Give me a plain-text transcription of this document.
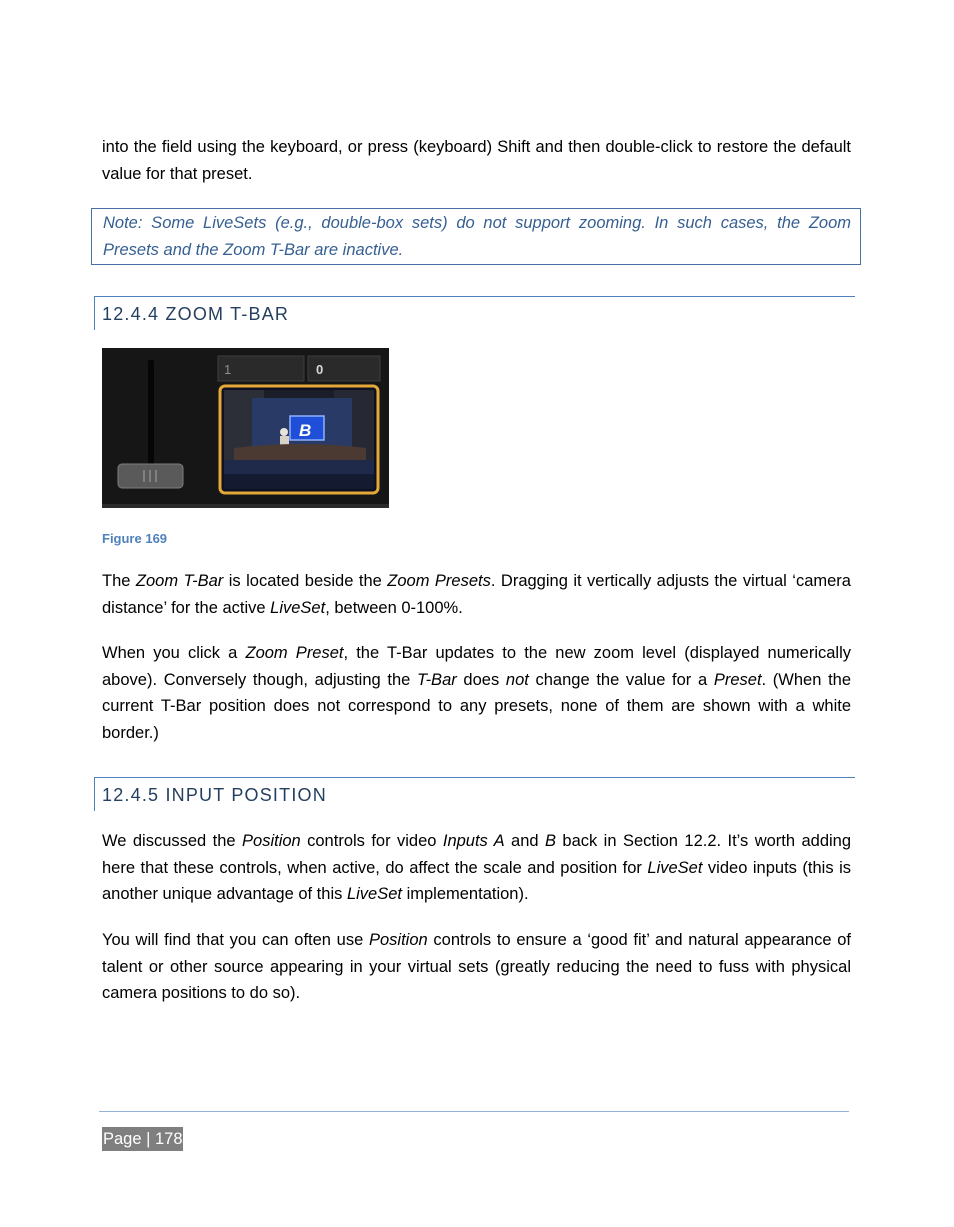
into the field using the keyboard, or press (keyboard) Shift and then double-click to restore the default value for that preset.

Note: Some LiveSets (e.g., double-box sets) do not support zooming. In such cases, the Zoom Presets and the Zoom T-Bar are inactive.
12.4.4 ZOOM T-BAR
1	0
B
Figure 169

The Zoom T-Bar is located beside the Zoom Presets. Dragging it vertically adjusts the virtual ‘camera distance’ for the active LiveSet, between 0-100%.

When you click a Zoom Preset, the T-Bar updates to the new zoom level (displayed numerically above). Conversely though, adjusting the T-Bar does not change the value for a Preset. (When the current T-Bar position does not correspond to any presets, none of them are shown with a white border.)

12.4.5 INPUT POSITION

We discussed the Position controls for video Inputs A and B back in Section 12.2. It’s worth adding here that these controls, when active, do affect the scale and position for LiveSet video inputs (this is another unique advantage of this LiveSet implementation).

You will find that you can often use Position controls to ensure a ‘good fit’ and natural appearance of talent or other source appearing in your virtual sets (greatly reducing the need to fuss with physical camera positions to do so).

Page | 178
